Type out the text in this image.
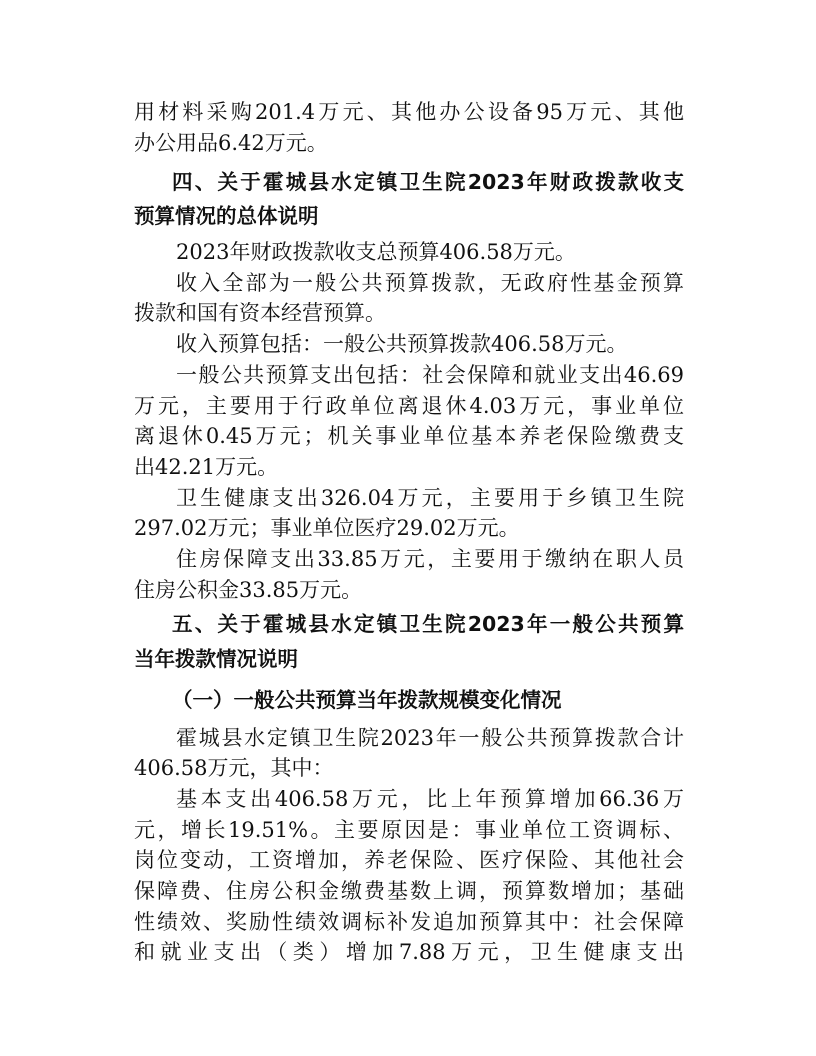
用材料采购201.4万元、其他办公设备95万元、其他
办公用品6.42万元。
四、关于霍城县水定镇卫生院2023年财政拨款收支
预算情况的总体说明
2023年财政拨款收支总预算406.58万元。
收入全部为一般公共预算拨款，无政府性基金预算
拨款和国有资本经营预算。
收入预算包括：一般公共预算拨款406.58万元。
一般公共预算支出包括：社会保障和就业支出46.69
万元，主要用于行政单位离退休4.03万元，事业单位
离退休0.45万元；机关事业单位基本养老保险缴费支
出42.21万元。
卫生健康支出326.04万元，主要用于乡镇卫生院
297.02万元；事业单位医疗29.02万元。
住房保障支出33.85万元，主要用于缴纳在职人员
住房公积金33.85万元。
五、关于霍城县水定镇卫生院2023年一般公共预算
当年拨款情况说明
（一）一般公共预算当年拨款规模变化情况
霍城县水定镇卫生院2023年一般公共预算拨款合计
406.58万元，其中：
基本支出406.58万元，比上年预算增加66.36万
元，增长19.51%。主要原因是：事业单位工资调标、
岗位变动，工资增加，养老保险、医疗保险、其他社会
保障费、住房公积金缴费基数上调，预算数增加；基础
性绩效、奖励性绩效调标补发追加预算其中：社会保障
和就业支出（类）增加7.88万元，卫生健康支出
